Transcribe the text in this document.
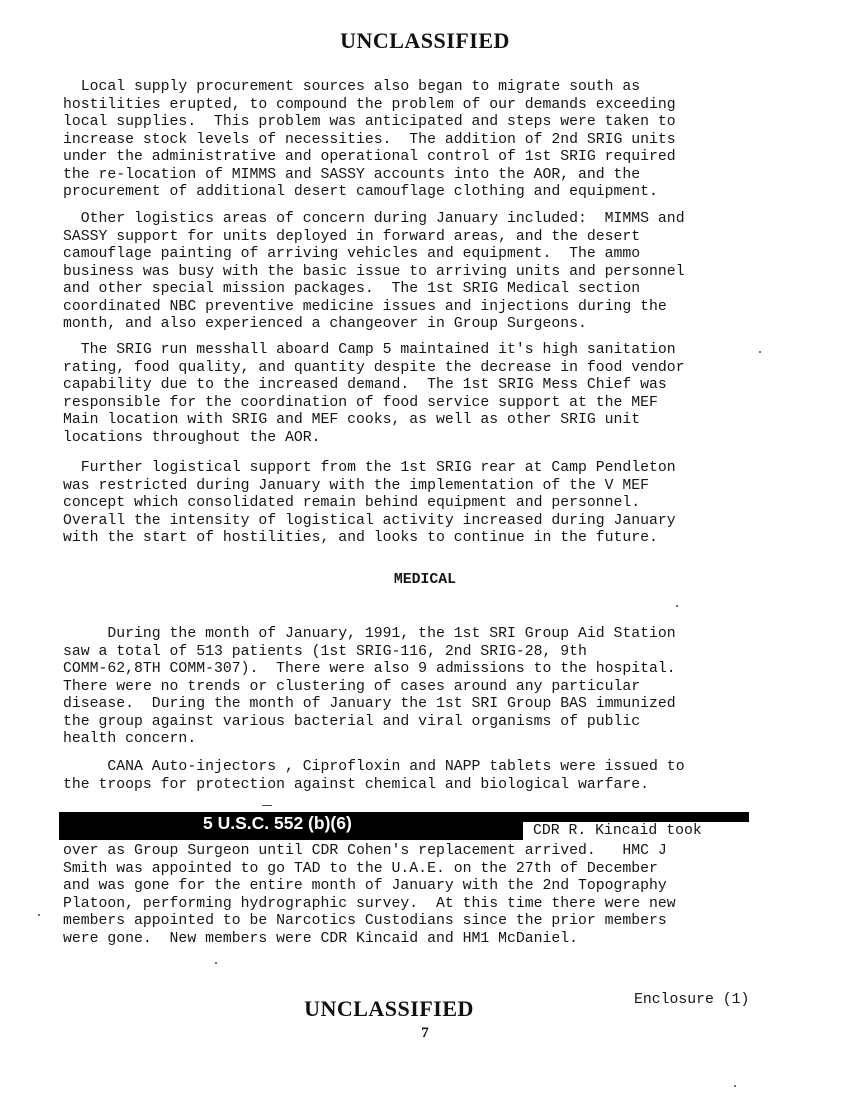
UNCLASSIFIED
Local supply procurement sources also began to migrate south as
hostilities erupted, to compound the problem of our demands exceeding
local supplies.  This problem was anticipated and steps were taken to
increase stock levels of necessities.  The addition of 2nd SRIG units
under the administrative and operational control of 1st SRIG required
the re-location of MIMMS and SASSY accounts into the AOR, and the
procurement of additional desert camouflage clothing and equipment.
Other logistics areas of concern during January included:  MIMMS and
SASSY support for units deployed in forward areas, and the desert
camouflage painting of arriving vehicles and equipment.  The ammo
business was busy with the basic issue to arriving units and personnel
and other special mission packages.  The 1st SRIG Medical section
coordinated NBC preventive medicine issues and injections during the
month, and also experienced a changeover in Group Surgeons.
The SRIG run messhall aboard Camp 5 maintained it's high sanitation
rating, food quality, and quantity despite the decrease in food vendor
capability due to the increased demand.  The 1st SRIG Mess Chief was
responsible for the coordination of food service support at the MEF
Main location with SRIG and MEF cooks, as well as other SRIG unit
locations throughout the AOR.
Further logistical support from the 1st SRIG rear at Camp Pendleton
was restricted during January with the implementation of the V MEF
concept which consolidated remain behind equipment and personnel.
Overall the intensity of logistical activity increased during January
with the start of hostilities, and looks to continue in the future.
MEDICAL
During the month of January, 1991, the 1st SRI Group Aid Station
saw a total of 513 patients (1st SRIG-116, 2nd SRIG-28, 9th
COMM-62,8TH COMM-307).  There were also 9 admissions to the hospital.
There were no trends or clustering of cases around any particular
disease.  During the month of January the 1st SRI Group BAS immunized
the group against various bacterial and viral organisms of public
health concern.
CANA Auto-injectors , Ciprofloxin and NAPP tablets were issued to
the troops for protection against chemical and biological warfare.
5 U.S.C. 552 (b)(6)	CDR R. Kincaid took
over as Group Surgeon until CDR Cohen's replacement arrived.   HMC J
Smith was appointed to go TAD to the U.A.E. on the 27th of December
and was gone for the entire month of January with the 2nd Topography
Platoon, performing hydrographic survey.  At this time there were new
members appointed to be Narcotics Custodians since the prior members
were gone.  New members were CDR Kincaid and HM1 McDaniel.
UNCLASSIFIED	Enclosure (1)
7
